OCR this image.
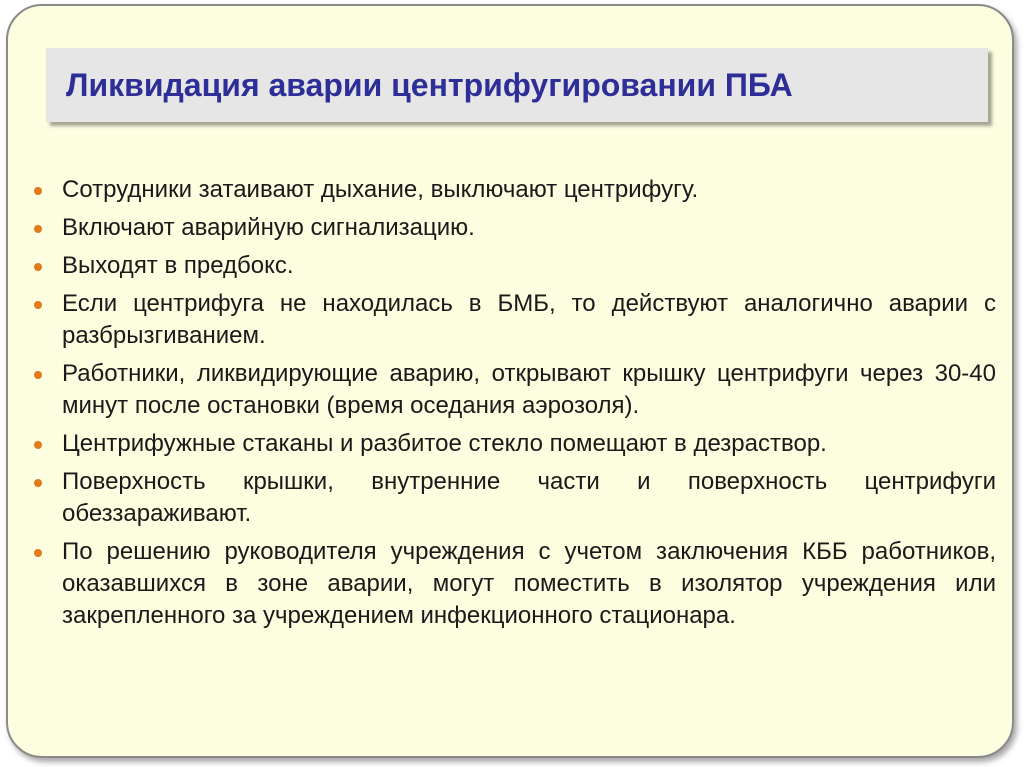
Ликвидация аварии центрифугировании ПБА
Сотрудники затаивают дыхание, выключают центрифугу.
Включают аварийную сигнализацию.
Выходят в предбокс.
Если центрифуга не находилась в БМБ, то действуют аналогично аварии с разбрызгиванием.
Работники, ликвидирующие аварию, открывают крышку центрифуги через 30-40 минут после остановки (время оседания аэрозоля).
Центрифужные стаканы и разбитое стекло помещают в дезраствор.
Поверхность крышки, внутренние части и поверхность центрифуги обеззараживают.
По решению руководителя учреждения с учетом заключения КББ работников, оказавшихся в зоне аварии, могут поместить в изолятор учреждения или закрепленного за учреждением инфекционного стационара.
